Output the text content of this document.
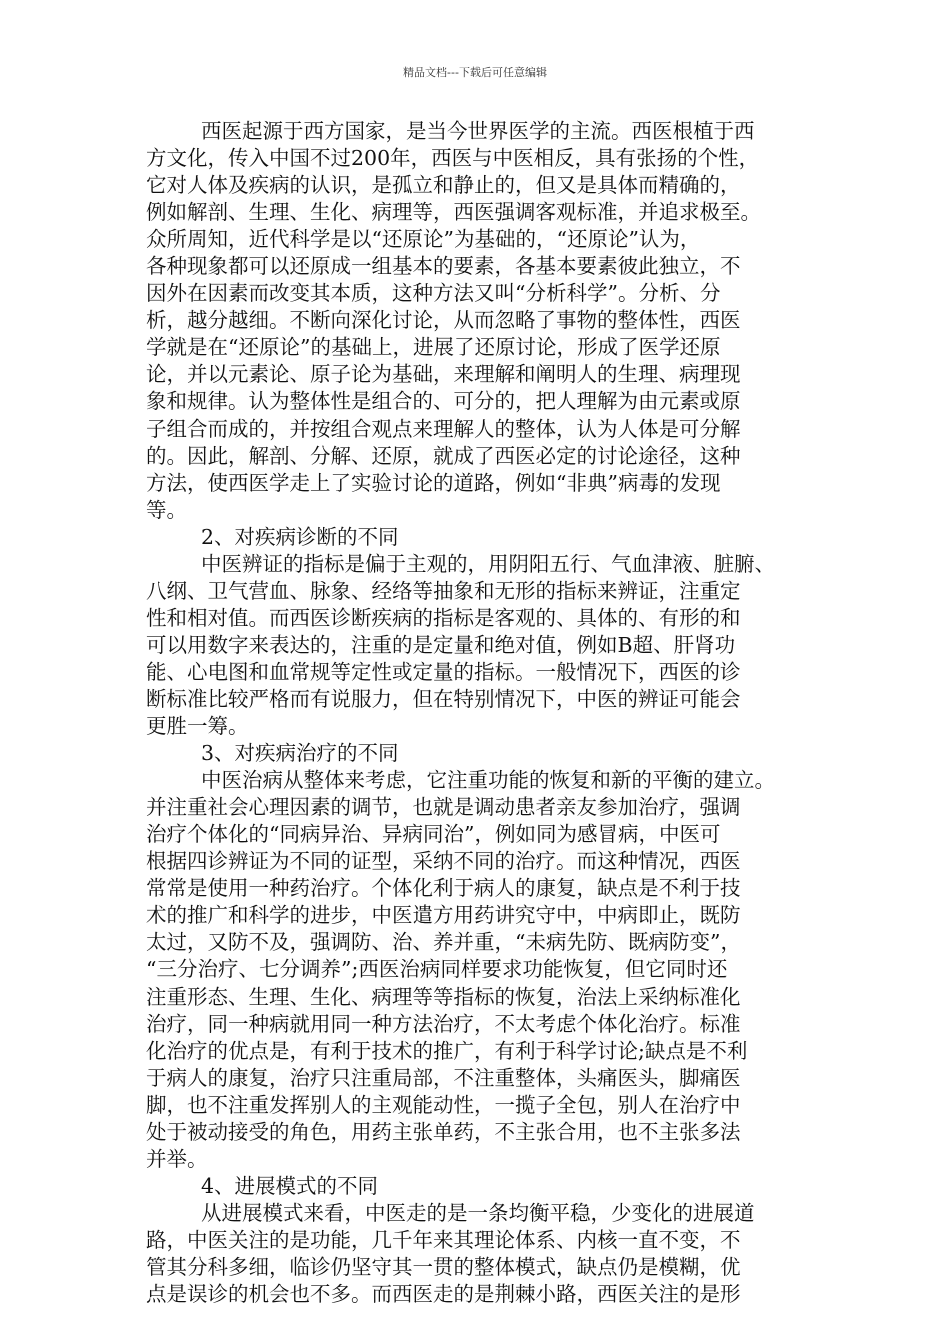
精品文档---下载后可任意编辑
西医起源于西方国家，是当今世界医学的主流。西医根植于西
方文化，传入中国不过200年，西医与中医相反，具有张扬的个性，
它对人体及疾病的认识，是孤立和静止的，但又是具体而精确的，
例如解剖、生理、生化、病理等，西医强调客观标准，并追求极至。
众所周知，近代科学是以“还原论”为基础的，“还原论”认为，
各种现象都可以还原成一组基本的要素，各基本要素彼此独立，不
因外在因素而改变其本质，这种方法又叫“分析科学”。分析、分
析，越分越细。不断向深化讨论，从而忽略了事物的整体性，西医
学就是在“还原论”的基础上，进展了还原讨论，形成了医学还原
论，并以元素论、原子论为基础，来理解和阐明人的生理、病理现
象和规律。认为整体性是组合的、可分的，把人理解为由元素或原
子组合而成的，并按组合观点来理解人的整体，认为人体是可分解
的。因此，解剖、分解、还原，就成了西医必定的讨论途径，这种
方法，使西医学走上了实验讨论的道路，例如“非典”病毒的发现
等。
2、对疾病诊断的不同
中医辨证的指标是偏于主观的，用阴阳五行、气血津液、脏腑、
八纲、卫气营血、脉象、经络等抽象和无形的指标来辨证，注重定
性和相对值。而西医诊断疾病的指标是客观的、具体的、有形的和
可以用数字来表达的，注重的是定量和绝对值，例如B超、肝肾功
能、心电图和血常规等定性或定量的指标。一般情况下，西医的诊
断标准比较严格而有说服力，但在特别情况下，中医的辨证可能会
更胜一筹。
3、对疾病治疗的不同
中医治病从整体来考虑，它注重功能的恢复和新的平衡的建立。
并注重社会心理因素的调节，也就是调动患者亲友参加治疗，强调
治疗个体化的“同病异治、异病同治”，例如同为感冒病，中医可
根据四诊辨证为不同的证型，采纳不同的治疗。而这种情况，西医
常常是使用一种药治疗。个体化利于病人的康复，缺点是不利于技
术的推广和科学的进步，中医遣方用药讲究守中，中病即止，既防
太过，又防不及，强调防、治、养并重，“未病先防、既病防变”，
“三分治疗、七分调养”;西医治病同样要求功能恢复，但它同时还
注重形态、生理、生化、病理等等指标的恢复，治法上采纳标准化
治疗，同一种病就用同一种方法治疗，不太考虑个体化治疗。标准
化治疗的优点是，有利于技术的推广，有利于科学讨论;缺点是不利
于病人的康复，治疗只注重局部，不注重整体，头痛医头，脚痛医
脚，也不注重发挥别人的主观能动性，一揽子全包，别人在治疗中
处于被动接受的角色，用药主张单药，不主张合用，也不主张多法
并举。
4、进展模式的不同
从进展模式来看，中医走的是一条均衡平稳，少变化的进展道
路，中医关注的是功能，几千年来其理论体系、内核一直不变，不
管其分科多细，临诊仍坚守其一贯的整体模式，缺点仍是模糊，优
点是误诊的机会也不多。而西医走的是荆棘小路，西医关注的是形
